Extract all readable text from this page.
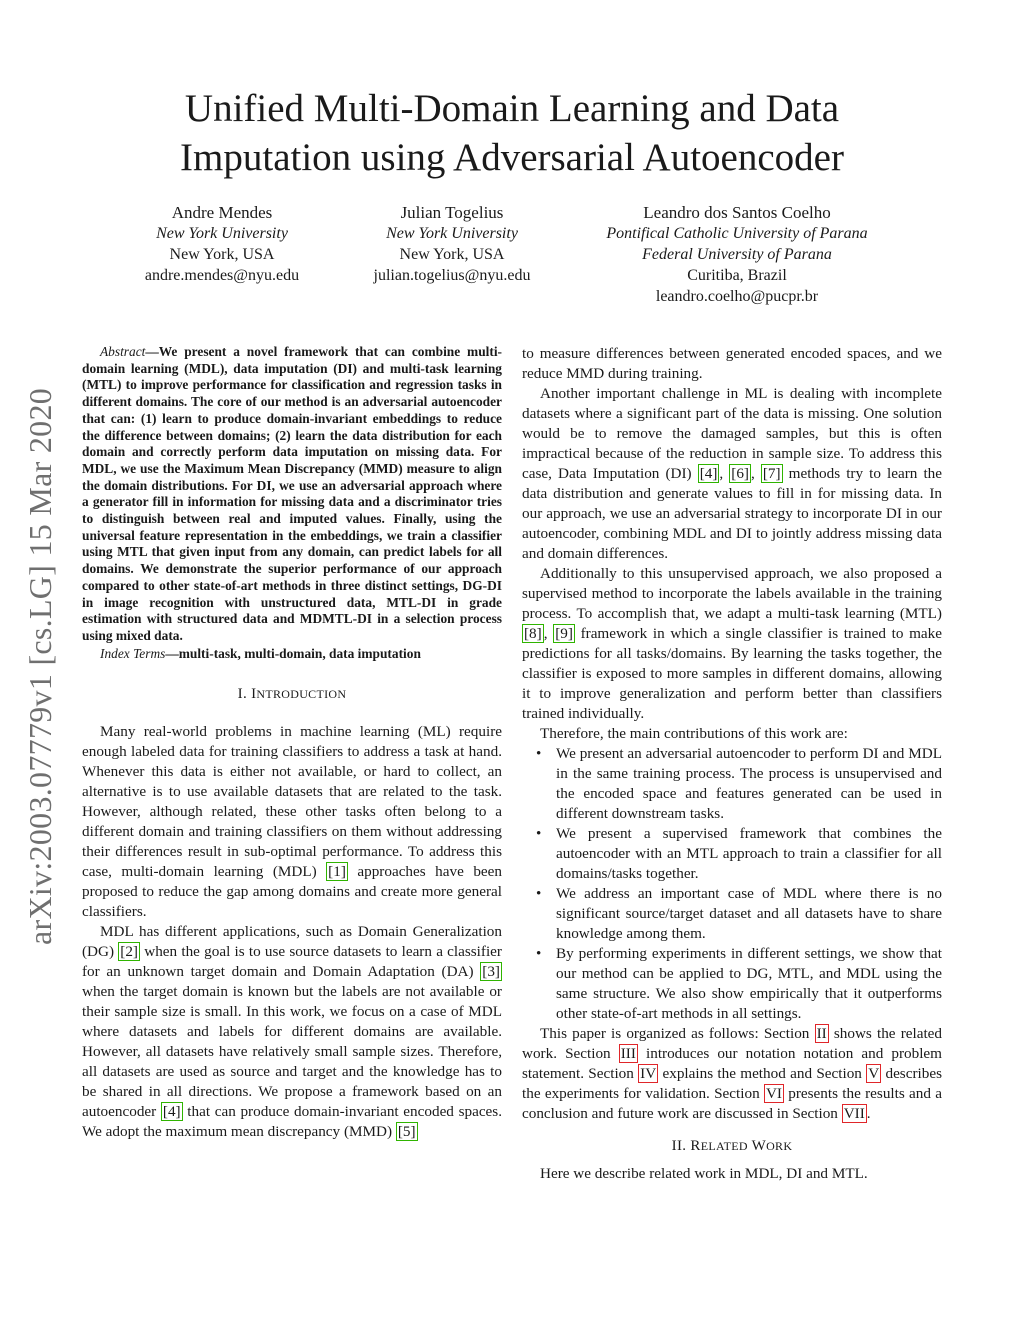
Unified Multi-Domain Learning and Data Imputation using Adversarial Autoencoder
Andre Mendes
New York University
New York, USA
andre.mendes@nyu.edu
Julian Togelius
New York University
New York, USA
julian.togelius@nyu.edu
Leandro dos Santos Coelho
Pontifical Catholic University of Parana
Federal University of Parana
Curitiba, Brazil
leandro.coelho@pucpr.br
arXiv:2003.07779v1 [cs.LG] 15 Mar 2020

Abstract—We present a novel framework that can combine multi-domain learning (MDL), data imputation (DI) and multi-task learning (MTL) to improve performance for classification and regression tasks in different domains. The core of our method is an adversarial autoencoder that can: (1) learn to produce domain-invariant embeddings to reduce the difference between domains; (2) learn the data distribution for each domain and correctly perform data imputation on missing data. For MDL, we use the Maximum Mean Discrepancy (MMD) measure to align the domain distributions. For DI, we use an adversarial approach where a generator fill in information for missing data and a discriminator tries to distinguish between real and imputed values. Finally, using the universal feature representation in the embeddings, we train a classifier using MTL that given input from any domain, can predict labels for all domains. We demonstrate the superior performance of our approach compared to other state-of-art methods in three distinct settings, DG-DI in image recognition with unstructured data, MTL-DI in grade estimation with structured data and MDMTL-DI in a selection process using mixed data.

Index Terms—multi-task, multi-domain, data imputation

I. INTRODUCTION

Many real-world problems in machine learning (ML) require enough labeled data for training classifiers to address a task at hand. Whenever this data is either not available, or hard to collect, an alternative is to use available datasets that are related to the task. However, although related, these other tasks often belong to a different domain and training classifiers on them without addressing their differences result in sub-optimal performance. To address this case, multi-domain learning (MDL) [1] approaches have been proposed to reduce the gap among domains and create more general classifiers.

MDL has different applications, such as Domain Generalization (DG) [2] when the goal is to use source datasets to learn a classifier for an unknown target domain and Domain Adaptation (DA) [3] when the target domain is known but the labels are not available or their sample size is small. In this work, we focus on a case of MDL where datasets and labels for different domains are available. However, all datasets have relatively small sample sizes. Therefore, all datasets are used as source and target and the knowledge has to be shared in all directions. We propose a framework based on an autoencoder [4] that can produce domain-invariant encoded spaces. We adopt the maximum mean discrepancy (MMD) [5]

to measure differences between generated encoded spaces, and we reduce MMD during training.

Another important challenge in ML is dealing with incomplete datasets where a significant part of the data is missing. One solution would be to remove the damaged samples, but this is often impractical because of the reduction in sample size. To address this case, Data Imputation (DI) [4] , [6] , [7] methods try to learn the data distribution and generate values to fill in for missing data. In our approach, we use an adversarial strategy to incorporate DI in our autoencoder, combining MDL and DI to jointly address missing data and domain differences.

Additionally to this unsupervised approach, we also proposed a supervised method to incorporate the labels available in the training process. To accomplish that, we adapt a multi-task learning (MTL) [8] , [9] framework in which a single classifier is trained to make predictions for all tasks/domains. By learning the tasks together, the classifier is exposed to more samples in different domains, allowing it to improve generalization and perform better than classifiers trained individually.

Therefore, the main contributions of this work are:

• We present an adversarial autoencoder to perform DI and MDL in the same training process. The process is unsupervised and the encoded space and features generated can be used in different downstream tasks.
• We present a supervised framework that combines the autoencoder with an MTL approach to train a classifier for all domains/tasks together.
• We address an important case of MDL where there is no significant source/target dataset and all datasets have to share knowledge among them.
• By performing experiments in different settings, we show that our method can be applied to DG, MTL, and MDL using the same structure. We also show empirically that it outperforms other state-of-art methods in all settings.

This paper is organized as follows: Section II shows the related work. Section III introduces our notation notation and problem statement. Section IV explains the method and Section V describes the experiments for validation. Section VI presents the results and a conclusion and future work are discussed in Section VII .

II. RELATED WORK

Here we describe related work in MDL, DI and MTL.
